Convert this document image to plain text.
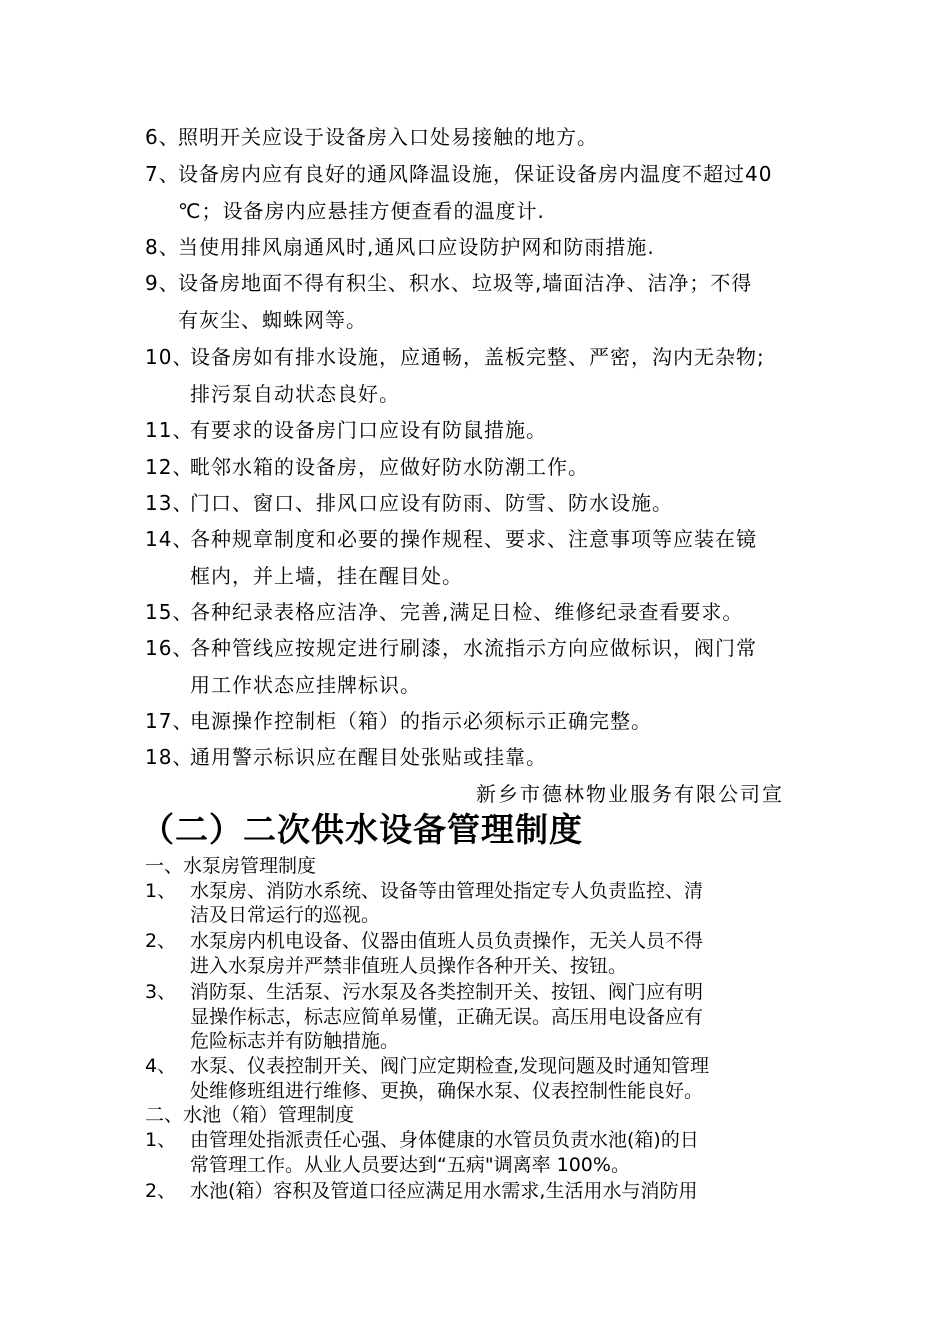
6、
照明开关应设于设备房入口处易接触的地方。
7、
设备房内应有良好的通风降温设施，保证设备房内温度不超过40
℃；设备房内应悬挂方便查看的温度计.
8、
当使用排风扇通风时,通风口应设防护网和防雨措施.
9、
设备房地面不得有积尘、积水、垃圾等,墙面洁净、洁净；不得
有灰尘、蜘蛛网等。
10、
设备房如有排水设施，应通畅，盖板完整、严密，沟内无杂物;
排污泵自动状态良好。
11、
有要求的设备房门口应设有防鼠措施。
12、
毗邻水箱的设备房，应做好防水防潮工作。
13、
门口、窗口、排风口应设有防雨、防雪、防水设施。
14、
各种规章制度和必要的操作规程、要求、注意事项等应装在镜
框内，并上墙，挂在醒目处。
15、
各种纪录表格应洁净、完善,满足日检、维修纪录查看要求。
16、
各种管线应按规定进行刷漆，水流指示方向应做标识，阀门常
用工作状态应挂牌标识。
17、
电源操作控制柜（箱）的指示必须标示正确完整。
18、
通用警示标识应在醒目处张贴或挂靠。
新乡市德林物业服务有限公司宣
（二）二次供水设备管理制度
一、水泵房管理制度
1、 水泵房、消防水系统、设备等由管理处指定专人负责监控、清
洁及日常运行的巡视。
2、 水泵房内机电设备、仪器由值班人员负责操作，无关人员不得
进入水泵房并严禁非值班人员操作各种开关、按钮。
3、 消防泵、生活泵、污水泵及各类控制开关、按钮、阀门应有明
显操作标志，标志应简单易懂，正确无误。高压用电设备应有
危险标志并有防触措施。
4、 水泵、仪表控制开关、阀门应定期检查,发现问题及时通知管理
处维修班组进行维修、更换，确保水泵、仪表控制性能良好。
二、水池（箱）管理制度
1、 由管理处指派责任心强、身体健康的水管员负责水池(箱)的日
常管理工作。从业人员要达到“五病"调离率 100%。
2、 水池(箱）容积及管道口径应满足用水需求,生活用水与消防用
